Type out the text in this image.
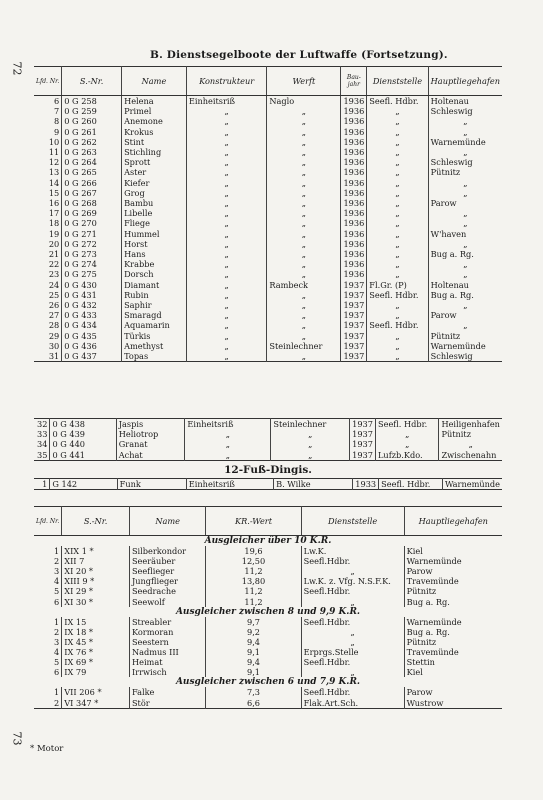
72
73
B. Dienstsegelboote der Luftwaffe (Fortsetzung).
Lfd. Nr.	S.-Nr.	Name	Konstrukteur	Werft	Bau-jahr	Dienststelle	Hauptliegehafen
6	0 G 258	Helena	Einheitsriß	Naglo	1936	Seefl. Hdbr.	Holtenau
7	0 G 259	Primel	„	„	1936	„	Schleswig
8	0 G 260	Anemone	„	„	1936	„	„
9	0 G 261	Krokus	„	„	1936	„	„
10	0 G 262	Stint	„	„	1936	„	Warnemünde
11	0 G 263	Stichling	„	„	1936	„	„
12	0 G 264	Sprott	„	„	1936	„	Schleswig
13	0 G 265	Aster	„	„	1936	„	Pütnitz
14	0 G 266	Kiefer	„	„	1936	„	„
15	0 G 267	Grog	„	„	1936	„	„
16	0 G 268	Bambu	„	„	1936	„	Parow
17	0 G 269	Libelle	„	„	1936	„	„
18	0 G 270	Fliege	„	„	1936	„	„
19	0 G 271	Hummel	„	„	1936	„	W'haven
20	0 G 272	Horst	„	„	1936	„	„
21	0 G 273	Hans	„	„	1936	„	Bug a. Rg.
22	0 G 274	Krabbe	„	„	1936	„	„
23	0 G 275	Dorsch	„	„	1936	„	„
24	0 G 430	Diamant	„	Rambeck	1937	Fl.Gr. (P)	Holtenau
25	0 G 431	Rubin	„	„	1937	Seefl. Hdbr.	Bug a. Rg.
26	0 G 432	Saphir	„	„	1937	„	„
27	0 G 433	Smaragd	„	„	1937	„	Parow
28	0 G 434	Aquamarin	„	„	1937	Seefl. Hdbr.	„
29	0 G 435	Türkis	„	„	1937	„	Pütnitz
30	0 G 436	Amethyst	„	Steinlechner	1937	„	Warnemünde
31	0 G 437	Topas	„	„	1937	„	Schleswig
32	0 G 438	Jaspis	Einheitsriß	Steinlechner	1937	Seefl. Hdbr.	Heiligenhafen
33	0 G 439	Heliotrop	„	„	1937	„	Pütnitz
34	0 G 440	Granat	„	„	1937	„	„
35	0 G 441	Achat	„	„	1937	Lufzb.Kdo.	Zwischenahn
12-Fuß-Dingis.
1	G 142	Funk	Einheitsriß	B. Wilke	1933	Seefl. Hdbr.	Warnemünde
Lfd. Nr.	S.-Nr.	Name	KR.-Wert	Dienststelle	Hauptliegehafen
Ausgleicher über 10 K.R.					
1	XIX 1 *	Silberkondor	19,6	Lw.K.	Kiel
2	XII 7	Seeräuber	12,50	Seefl.Hdbr.	Warnemünde
3	XI 20 *	Seeflieger	11,2	„	Parow
4	XIII 9 *	Jungflieger	13,80	Lw.K. z. Vfg. N.S.F.K.	Travemünde
5	XI 29 *	Seedrache	11,2	Seefl.Hdbr.	Pütnitz
6	XI 30 *	Seewolf	11,2	„	Bug a. Rg.
Ausgleicher zwischen 8 und 9,9 K.R.					
1	IX 15	Streabler	9,7	Seefl.Hdbr.	Warnemünde
2	IX 18 *	Kormoran	9,2	„	Bug a. Rg.
3	IX 45 *	Seestern	9,4	„	Pütnitz
4	IX 76 *	Nadmus III	9,1	Erprgs.Stelle	Travemünde
5	IX 69 *	Heimat	9,4	Seefl.Hdbr.	Stettin
6	IX 79	Irrwisch	9,1	„	Kiel
Ausgleicher zwischen 6 und 7,9 K.R.					
1	VII 206 *	Falke	7,3	Seefl.Hdbr.	Parow
2	VI 347 *	Stör	6,6	Flak.Art.Sch.	Wustrow
* Motor
